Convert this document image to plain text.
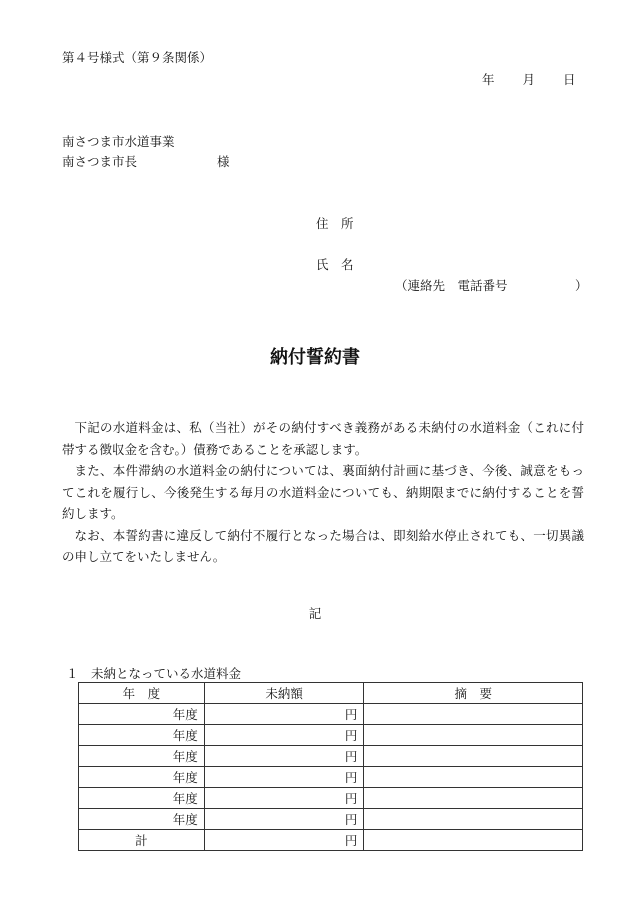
第４号様式（第９条関係）
年 月 日
南さつま市水道事業
南さつま市長	様
住　所
氏　名
（連絡先　電話番号	）
納付誓約書

下記の水道料金は、私（当社）がその納付すべき義務がある未納付の水道料金（これに付帯する徴収金を含む。）債務であることを承認します。

また、本件滞納の水道料金の納付については、裏面納付計画に基づき、今後、誠意をもってこれを履行し、今後発生する毎月の水道料金についても、納期限までに納付することを誓約します。

なお、本誓約書に違反して納付不履行となった場合は、即刻給水停止されても、一切異議の申し立てをいたしません。

記
１　未納となっている水道料金
年　度	未納額	摘　要
年度	円	
年度	円	
年度	円	
年度	円	
年度	円	
年度	円	
計	円	
